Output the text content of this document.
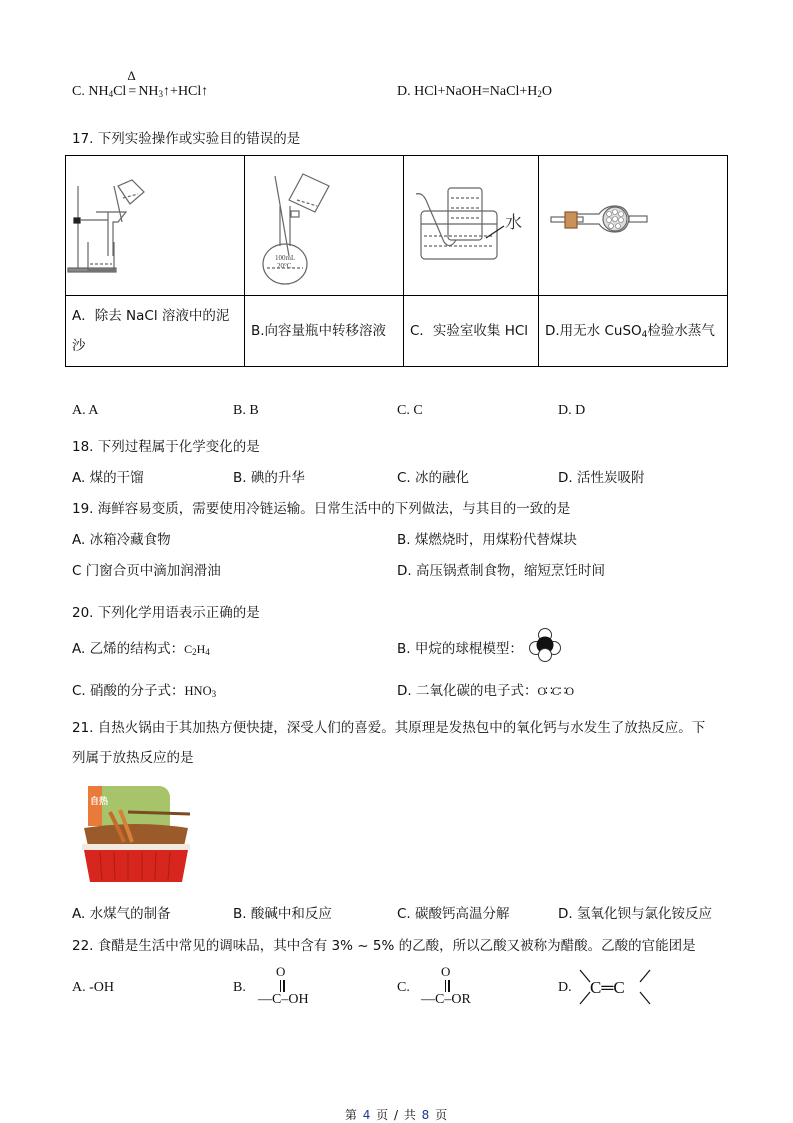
C. $NH_4Cl$
Δ
= $NH_3↑+HCl↑$	D. $HCl+NaOH=NaCl+H_2O$
17. 下列实验操作或实验目的错误的是

100mL
20°C	水

A．除去 NaCl 溶液中的泥沙	B.向容量瓶中转移溶液	C．实验室收集 HCl	D.用无水 CuSO$_4$检验水蒸气
A. A	B. B	C. C	D. D
18. 下列过程属于化学变化的是
A. 煤的干馏	B. 碘的升华	C. 冰的融化	D. 活性炭吸附
19. 海鲜容易变质，需要使用冷链运输。日常生活中的下列做法，与其目的一致的是
A. 冰箱冷藏食物	B. 煤燃烧时，用煤粉代替煤块
C 门窗合页中滴加润滑油	D. 高压锅煮制食物，缩短烹饪时间
20. 下列化学用语表示正确的是
A. 乙烯的结构式：$C_2H_4$	B. 甲烷的球棍模型：
C. 硝酸的分子式：$HNO_3$	D. 二氧化碳的电子式：O∷C∷O
21. 自热火锅由于其加热方便快捷，深受人们的喜爱。其原理是发热包中的氧化钙与水发生了放热反应。下
列属于放热反应的是
自热
A. 水煤气的制备	B. 酸碱中和反应	C. 碳酸钙高温分解	D. 氢氧化钡与氯化铵反应
22. 食醋是生活中常见的调味品，其中含有 3% ~ 5% 的乙酸，所以乙酸又被称为醋酸。乙酸的官能团是
A. -OH	B.
O
—C–OH
C.
O
—C–OR
D. C═C
第 4 页 / 共 8 页
